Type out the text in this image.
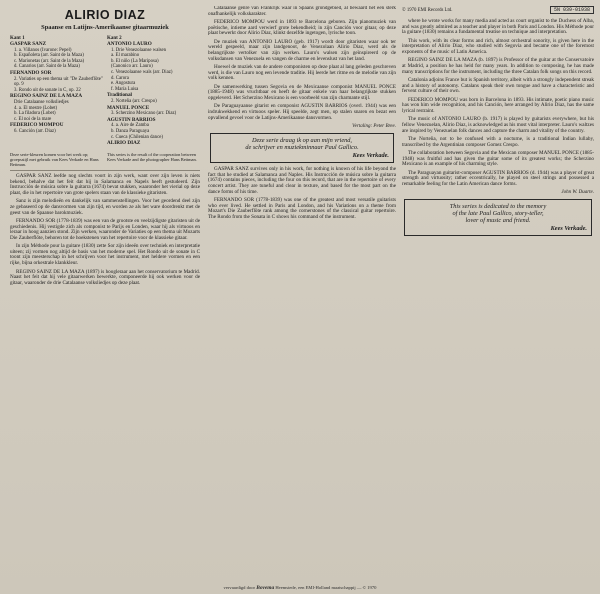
ALIRIO DIAZ
Spaanse en Latijns-Amerikaanse gitaarmuziek
Kant 1
GASPAR SANZ
1. a. Villanos (Ivarone: Pepel)
b. Españoleta (arr. Saint de la Maza)
c. Marionetas (arr. Saint de la Maza)
d. Canarios (arr. Saint de la Maza)
FERNANDO SOR
2. Variaties op een thema uit "De Zauberflöte" op. 9
3. Rondo uit de sonate in C, op. 22
REGINO SAINZ DE LA MAZA
Drie Catalaanse volksliedjes
4. a. El mestre (Lobet)
b. La filadora (Lobet)
c. El noi de la mare
FEDERICO MOMPOU
6. Canción (arr. Diaz)
Kant 2
ANTONIO LAURO
1. Drie Venezolaanse walsen
a. El marabino
b. El niño (La Mariposa)
(Canonico arr. Lauro)
c. Venezolaanse wals (arr. Diaz)
d. Carora
e. Angostura
f. María Luisa
Traditional
2. Norteña (arr. Crespo)
MANUEL PONCE
3. Scherzino Mexicano (arr. Diaz)
AGUSTIN BARRIOS
4. a. Aire de Zamba
b. Danza Paraguaya
c. Cueca (Chilenian dance)
ALIRIO DIAZ
Deze serie-kleuren komen voor het werk op; groepsstijl met gebruik van Kees Verkade en Hans Bettman.
This series is the result of the cooperation between Kees Verkade and the photographer Hans Bettman.

GASPAR SANZ leefde nog slechts voort in zijn werk, want over zijn leven is niets bekend, behalve dat het feit dat hij in Salamanca en Napels heeft gestudeerd. Zijn Instrucción de música sobre la guitarra (1674) bevat stukken, waaronder het vierial op deze plaat, die in het repertoire van grote spelers staan van de klassieke gitaristen.

Sanz is zijn melodieën en dankelijk van sammenstellingen. Voor het geordend deel zijn ze gebaseerd op de dansvormen van zijn tijd, en worden ze als het ware doordrenkt met de geest van de Spaanse barokmuziek.

FERNANDO SOR (1778-1839) was een van de grootste en veelzijdigste gitaristen uit de geschiedenis. Hij vestigde zich als componist te Parijs en Londen, waar hij als virtuoos en leraar in hoog aanzien stond. Zijn werken, waaronder de Variaties op een thema uit Mozarts Die Zauberflöte, behoren tot de hoekstenen van het repertoire voor de klassieke gitaar.

In zijn Méthode pour la guitare (1830) zette Sor zijn ideeën over techniek en interpretatie uiteen; zij vormen nog altijd de basis van het moderne spel. Het Rondo uit de sonate in C toont zijn meesterschap in het schrijven voor het instrument, met heldere vormen en een rijke, bijna orkestrale klankkleur.

REGINO SAINZ DE LA MAZA (1897) is hoogleraar aan het conservatorium te Madrid. Naast het feit dat hij vele gitaarwerken bewerkte, componeerde hij ook werken voor de gitaar, waaronder de drie Catalaanse volksliedjes op deze plaat.

Catalaanse genre van Frankrijk waar in Spaans grondgebied, al bewaard het een sterk onafhankelijk volkskarakter.

FEDERICO MOMPOU werd in 1893 te Barcelona geboren. Zijn pianomuziek van poëtische, intieme aard verwierf grote bekendheid; in zijn Canción voor gitaar, op deze plaat bewerkt door Alirio Diaz, klinkt dezelfde ingetogen, lyrische toon.

De muziek van ANTONIO LAURO (geb. 1917) wordt door gitaristen waar ook ter wereld gespeeld, maar zijn landgenoot, de Venezolaan Alirio Diaz, werd als de belangrijkste vertolker van zijn werken. Lauro's walsen zijn geïnspireerd op de volksdansen van Venezuela en vangen de charme en levenslust van het land.

Hoewel de muziek van de andere componisten op deze plaat al lang geleden geschreven werd, is die van Lauro nog een levende traditie. Hij leerde het ritme en de melodie van zijn volk kennen.

De samenwerking tussen Segovia en de Mexicaanse componist MANUEL PONCE (1885-1948) was vruchtbaar en heeft de gitaar enkele van haar belangrijkste stukken opgeleverd. Het Scherzino Mexicano is een voorbeeld van zijn charmante stijl.

De Paraguayaanse gitarist en componist AGUSTIN BARRIOS (overl. 1944) was een indrukwekkend en virtuoos speler. Hij speelde, zegt men, op stalen snaren en bezat een opvallend gevoel voor de Latijns-Amerikaanse dansvormen.

Vertaling: Peter Bree.
Deze serie draag ik op aan mijn vriend,
de schrijver en muziekminnaar Paul Gallico.
Kees Verkade.

GASPAR SANZ survives only in his work, for nothing is known of his life beyond the fact that he studied at Salamanca and Naples. His Instrucción de música sobre la guitarra (1674) contains pieces, including the four on this record, that are in the repertoire of every concert artist. They are tuneful and clear in texture, and based for the most part on the dance forms of his time.

FERNANDO SOR (1778-1839) was one of the greatest and most versatile guitarists who ever lived. He settled in Paris and London, and his Variations on a theme from Mozart's Die Zauberflöte rank among the cornerstones of the classical guitar repertoire. The Rondo from the Sonata in C shows his command of the instrument.

© 1970 EMI Records Ltd.	5N 039-01938

where he wrote works for many media and acted as court organist to the Duchess of Alba, and was greatly admired as a teacher and player in both Paris and London. His Méthode pour la guitare (1830) remains a fundamental treatise on technique and interpretation.

This work, with its clear forms and rich, almost orchestral sonority, is given here in the interpretation of Alirio Diaz, who studied with Segovia and became one of the foremost exponents of the music of Latin America.

REGINO SAINZ DE LA MAZA (b. 1897) is Professor of the guitar at the Conservatoire at Madrid, a position he has held for many years. In addition to composing, he has made many transcriptions for the instrument, including the three Catalan folk songs on this record.

Catalonia adjoins France but is Spanish territory, albeit with a strongly independent streak and a history of autonomy. Catalans speak their own tongue and have a characteristic and fervent culture of their own.

FEDERICO MOMPOU was born in Barcelona in 1893. His intimate, poetic piano music has won him wide recognition, and his Canción, here arranged by Alirio Diaz, has the same lyrical restraint.

The music of ANTONIO LAURO (b. 1917) is played by guitarists everywhere, but his fellow Venezuelan, Alirio Diaz, is acknowledged as his most vital interpreter. Lauro's waltzes are inspired by Venezuelan folk dances and capture the charm and vitality of the country.

The Norteña, not to be confused with a nocturne, is a traditional Indian lullaby, transcribed by the Argentinian composer Gomez Crespo.

The collaboration between Segovia and the Mexican composer MANUEL PONCE (1885-1948) was fruitful and has given the guitar some of its greatest works; the Scherzino Mexicano is an example of his charming style.

The Paraguayan guitarist-composer AGUSTIN BARRIOS (d. 1944) was a player of great strength and virtuosity; rather eccentrically, he played on steel strings and possessed a remarkable feeling for the Latin American dance forms.

John W. Duarte.
This series is dedicated to the memory
of the late Paul Gallico, story-teller,
lover of music and friend.
Kees Verkade.
vervaardigd door Bovema Heemstede, een EMI-Holland maatschappij — © 1970
